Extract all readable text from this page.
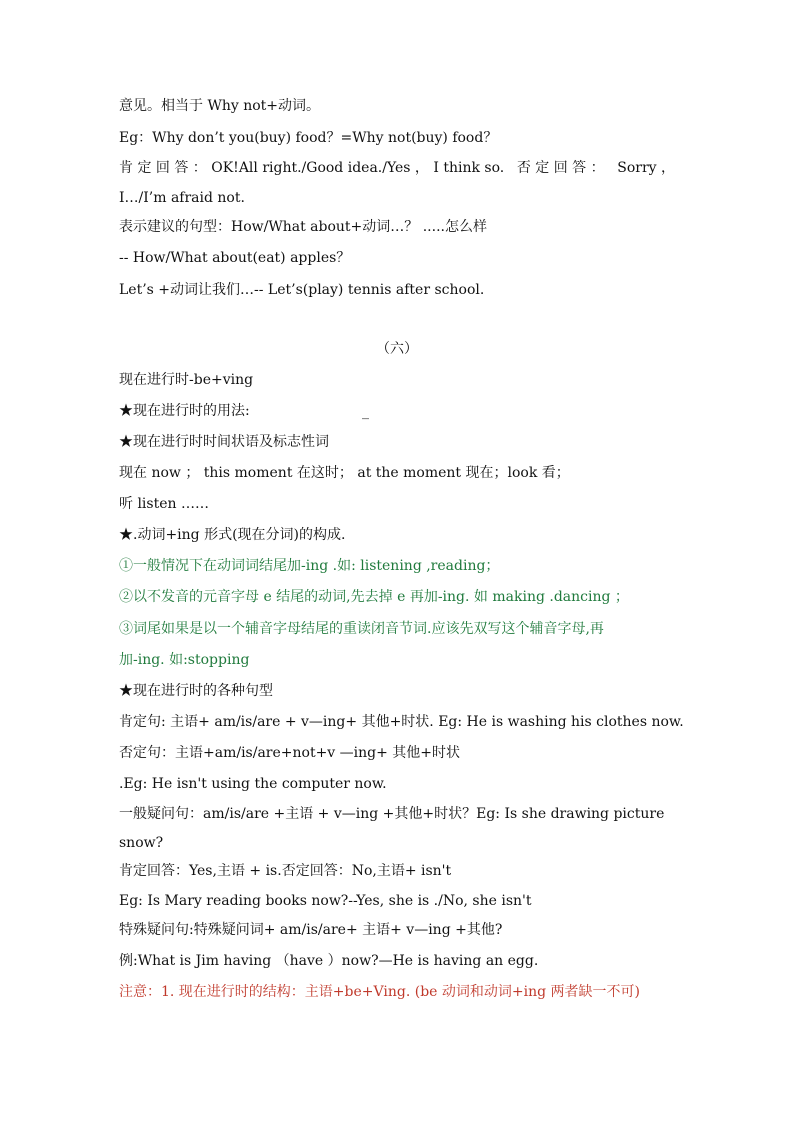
意见。相当于 Why not+动词。
Eg：Why don’t you(buy) food？=Why not(buy) food？
肯 定 回 答 ： OK!All right./Good idea./Yes ， I think so. 否 定 回 答 ： Sorry ，
I…/I’m afraid not.
表示建议的句型：How/What about+动词…？ .....怎么样
-- How/What about(eat) apples？
Let’s +动词让我们…-- Let’s(play) tennis after school.
（六）
现在进行时-be+ving
★现在进行时的用法:	_
★现在进行时时间状语及标志性词
现在 now ； this moment 在这时； at the moment 现在；look 看；
听 listen ……
★.动词+ing 形式(现在分词)的构成.
①一般情况下在动词词结尾加-ing .如: listening ,reading；
②以不发音的元音字母 e 结尾的动词,先去掉 e 再加-ing. 如 making .dancing ；
③词尾如果是以一个辅音字母结尾的重读闭音节词.应该先双写这个辅音字母,再
加-ing. 如:stopping
★现在进行时的各种句型
肯定句: 主语+ am/is/are + v—ing+ 其他+时状. Eg: He is washing his clothes now.
否定句：主语+am/is/are+not+v —ing+ 其他+时状
.Eg: He isn't using the computer now.
一般疑问句：am/is/are +主语 + v—ing +其他+时状？Eg: Is she drawing picture
snow?
肯定回答：Yes,主语 + is.否定回答：No,主语+ isn't
Eg: Is Mary reading books now?--Yes, she is ./No, she isn't
特殊疑问句:特殊疑问词+ am/is/are+ 主语+ v—ing +其他?
例:What is Jim having （have ）now?—He is having an egg.
注意：1. 现在进行时的结构：主语+be+Ving. (be 动词和动词+ing 两者缺一不可)
